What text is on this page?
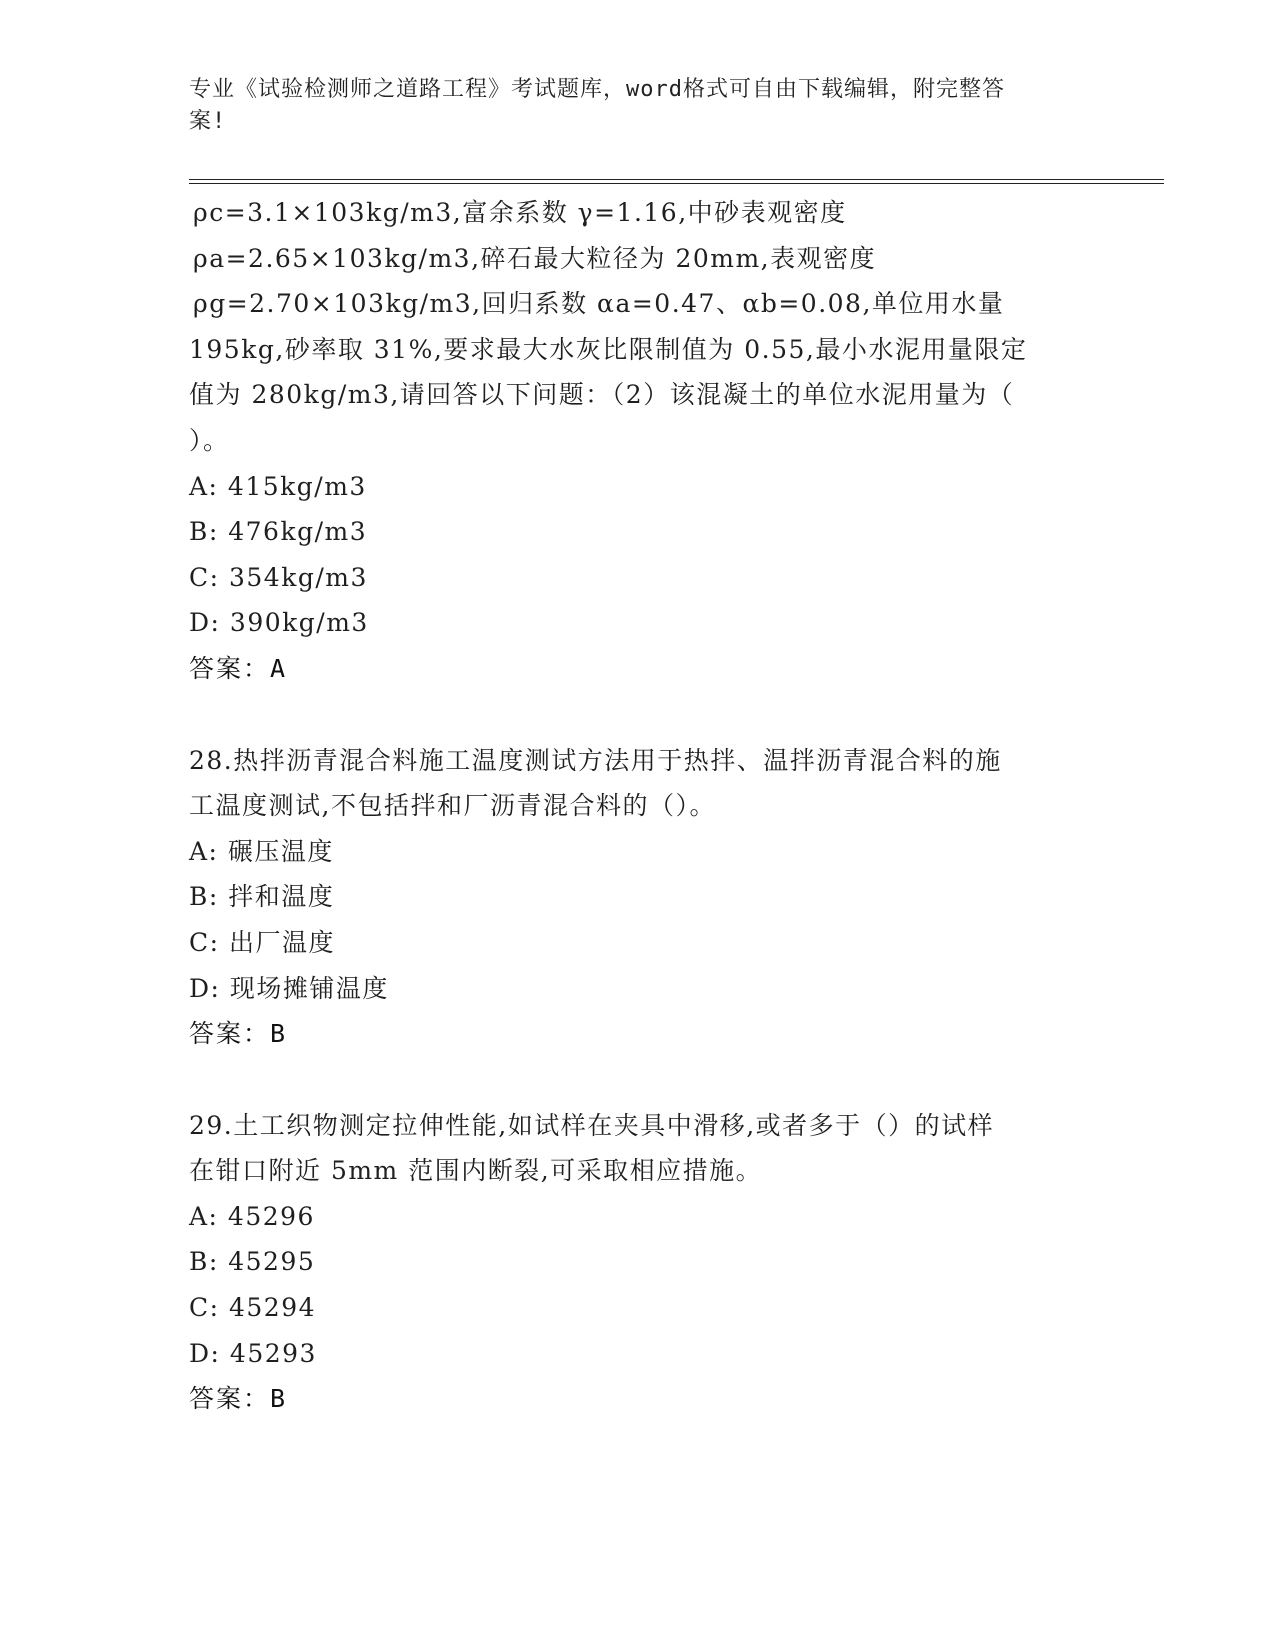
专业《试验检测师之道路工程》考试题库，word格式可自由下载编辑，附完整答
案!

ρc=3.1×103kg/m3,富余系数 γ=1.16,中砂表观密度

ρa=2.65×103kg/m3,碎石最大粒径为 20mm,表观密度

ρg=2.70×103kg/m3,回归系数 αa=0.47、αb=0.08,单位用水量

195kg,砂率取 31%,要求最大水灰比限制值为 0.55,最小水泥用量限定

值为 280kg/m3,请回答以下问题：（2）该混凝土的单位水泥用量为（

）。

A: 415kg/m3

B: 476kg/m3

C: 354kg/m3

D: 390kg/m3

答案：A

28.热拌沥青混合料施工温度测试方法用于热拌、温拌沥青混合料的施

工温度测试,不包括拌和厂沥青混合料的（）。

A: 碾压温度

B: 拌和温度

C: 出厂温度

D: 现场摊铺温度

答案：B

29.土工织物测定拉伸性能,如试样在夹具中滑移,或者多于（）的试样

在钳口附近 5mm 范围内断裂,可采取相应措施。

A: 45296

B: 45295

C: 45294

D: 45293

答案：B
